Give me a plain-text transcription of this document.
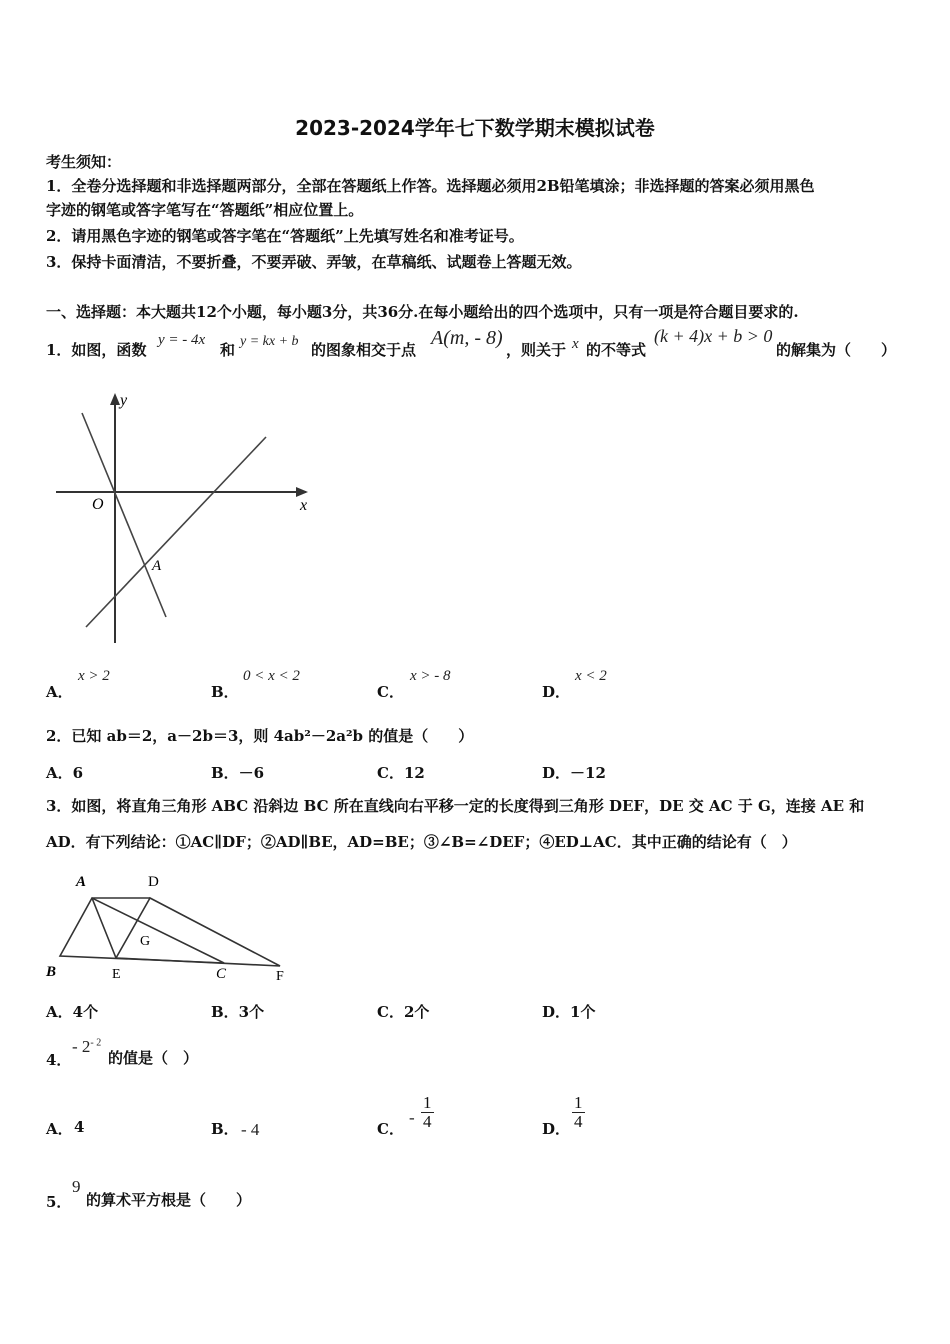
2023-2024学年七下数学期末模拟试卷
考生须知：
1．全卷分选择题和非选择题两部分，全部在答题纸上作答。选择题必须用2B铅笔填涂；非选择题的答案必须用黑色
字迹的钢笔或答字笔写在“答题纸”相应位置上。
2．请用黑色字迹的钢笔或答字笔在“答题纸”上先填写姓名和准考证号。
3．保持卡面清洁，不要折叠，不要弄破、弄皱，在草稿纸、试题卷上答题无效。
一、选择题：本大题共12个小题，每小题3分，共36分.在每小题给出的四个选项中，只有一项是符合题目要求的.
1．如图，函数
y = - 4x
和 y = kx + b 的图象相交于点
A(m, - 8)
，则关于 x 的不等式
(k + 4)x + b > 0
的解集为（　　）
x
y
O
A
A．
x > 2
B．
0 < x < 2
C．
x > - 8
D．
x < 2
2．已知 ab＝2，a－2b＝3，则 4ab²－2a²b 的值是（　　）
A．6	B．－6	C．12	D．－12
3．如图，将直角三角形 ABC 沿斜边 BC 所在直线向右平移一定的长度得到三角形 DEF，DE 交 AC 于 G，连接 AE 和
AD．有下列结论：①AC∥DF；②AD∥BE，AD=BE；③∠B=∠DEF；④ED⊥AC．其中正确的结论有（　）
A	D
G
B	E	C	F
A．4个	B．3个	C．2个	D．1个
4．
- $2^{- 2}$
的值是（　）
A． 4	B． - 4	C．
- $\frac{1}{4}$	D． $\frac{1}{4}$
5．
9
的算术平方根是（　　）
